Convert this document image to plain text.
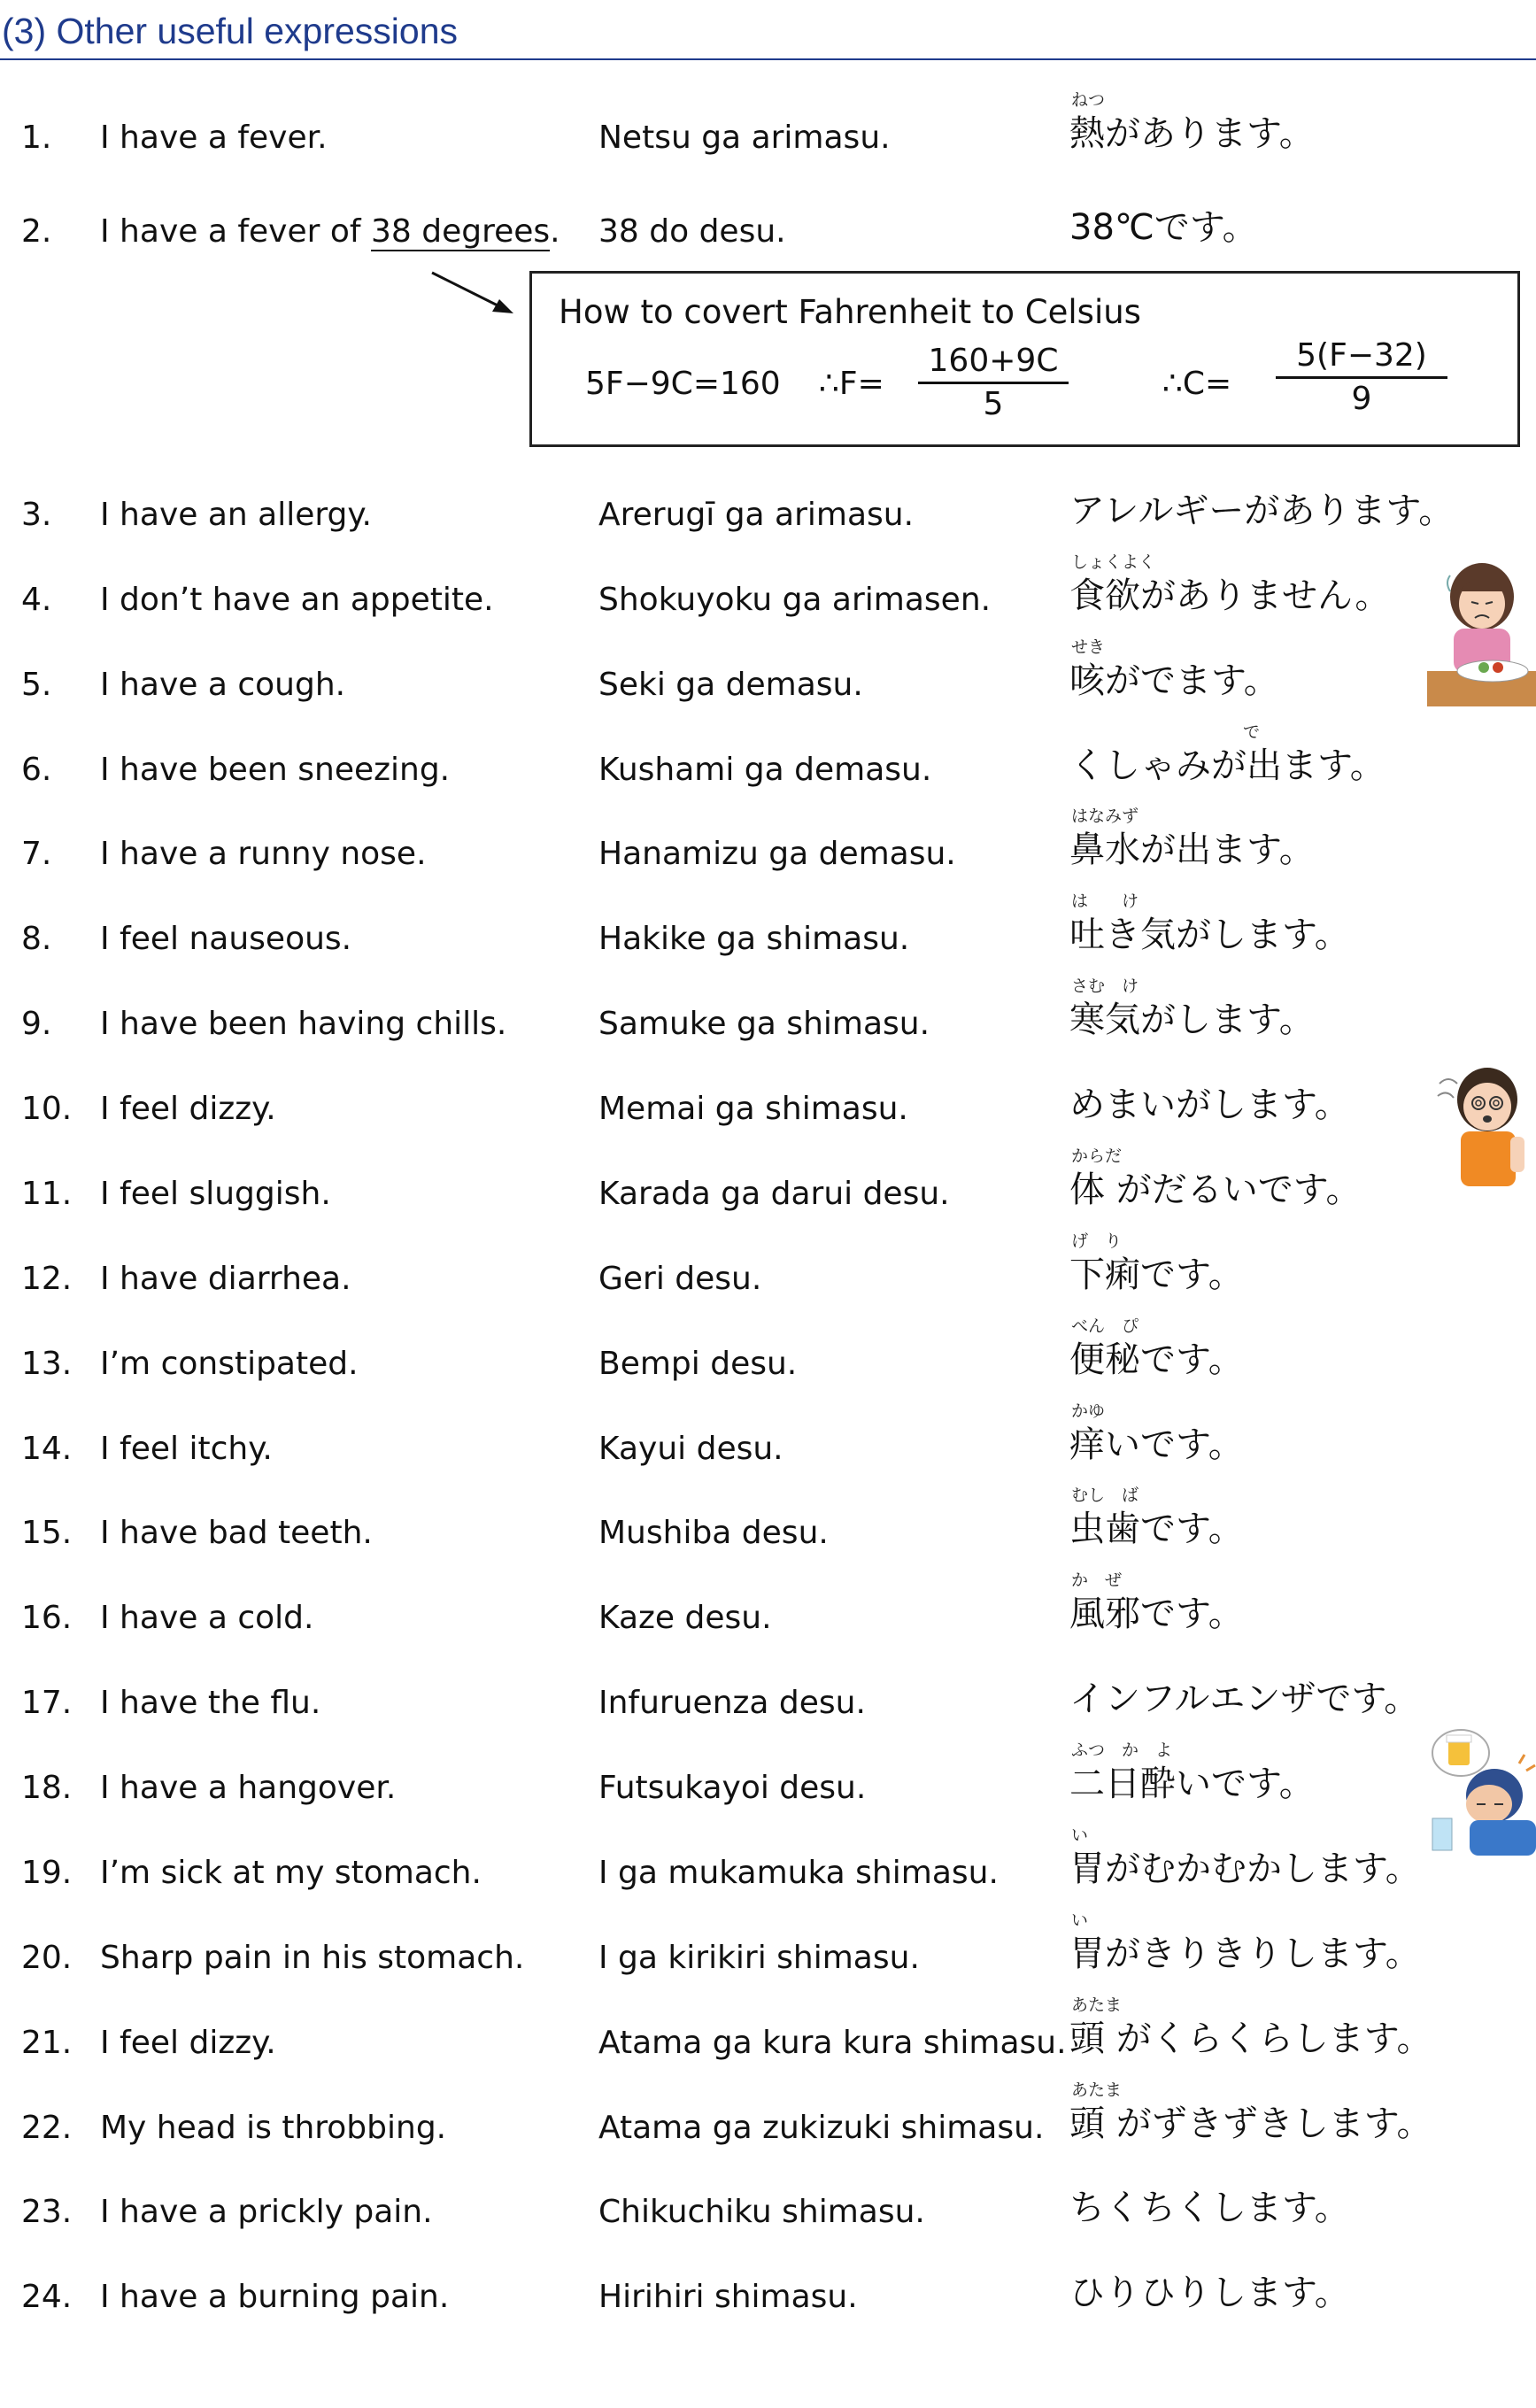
(3) Other useful expressions
ねつ
1. I have a fever.	Netsu ga arimasu.	熱があります。
2. I have a fever of 38 degrees. 38 do desu.	38℃です。
How to covert Fahrenheit to Celsius
5F−9C=160 ∴F=
160+9C
5
∴C=
5(F−32)
9
3. I have an allergy.	Arerugī ga arimasu.	アレルギーがあります。
しょくよく
4. I don’t have an appetite.	Shokuyoku ga arimasen. 食欲がありません。
せき
5. I have a cough.	Seki ga demasu.	咳がでます。
で
6. I have been sneezing.	Kushami ga demasu.	くしゃみが出ます。
はなみず
7. I have a runny nose.	Hanamizu ga demasu.	鼻水が出ます。
は　　け
8. I feel nauseous.	Hakike ga shimasu.	吐き気がします。
さむ　け
9. I have been having chills.	Samuke ga shimasu.	寒気がします。
10. I feel dizzy.	Memai ga shimasu.	めまいがします。
からだ
11. I feel sluggish.	Karada ga darui desu.	体 がだるいです。
げ　り
12. I have diarrhea.	Geri desu.	下痢です。
べん　ぴ
13. I’m constipated.	Bempi desu.	便秘です。
かゆ
14. I feel itchy.	Kayui desu.	痒いです。
むし　ば
15. I have bad teeth.	Mushiba desu.	虫歯です。
か　ぜ
16. I have a cold.	Kaze desu.	風邪です。
17. I have the flu.	Infuruenza desu.	インフルエンザです。
ふつ　か　よ
18. I have a hangover.	Futsukayoi desu.	二日酔いです。
い
19. I’m sick at my stomach.	I ga mukamuka shimasu. 胃がむかむかします。
い
20. Sharp pain in his stomach. I ga kirikiri shimasu.	胃がきりきりします。
あたま
21. I feel dizzy.	Atama ga kura kura shimasu. 頭 がくらくらします。
あたま
22. My head is throbbing.	Atama ga zukizuki shimasu. 頭 がずきずきします。
23. I have a prickly pain.	Chikuchiku shimasu.	ちくちくします。
24. I have a burning pain.	Hirihiri shimasu.	ひりひりします。
